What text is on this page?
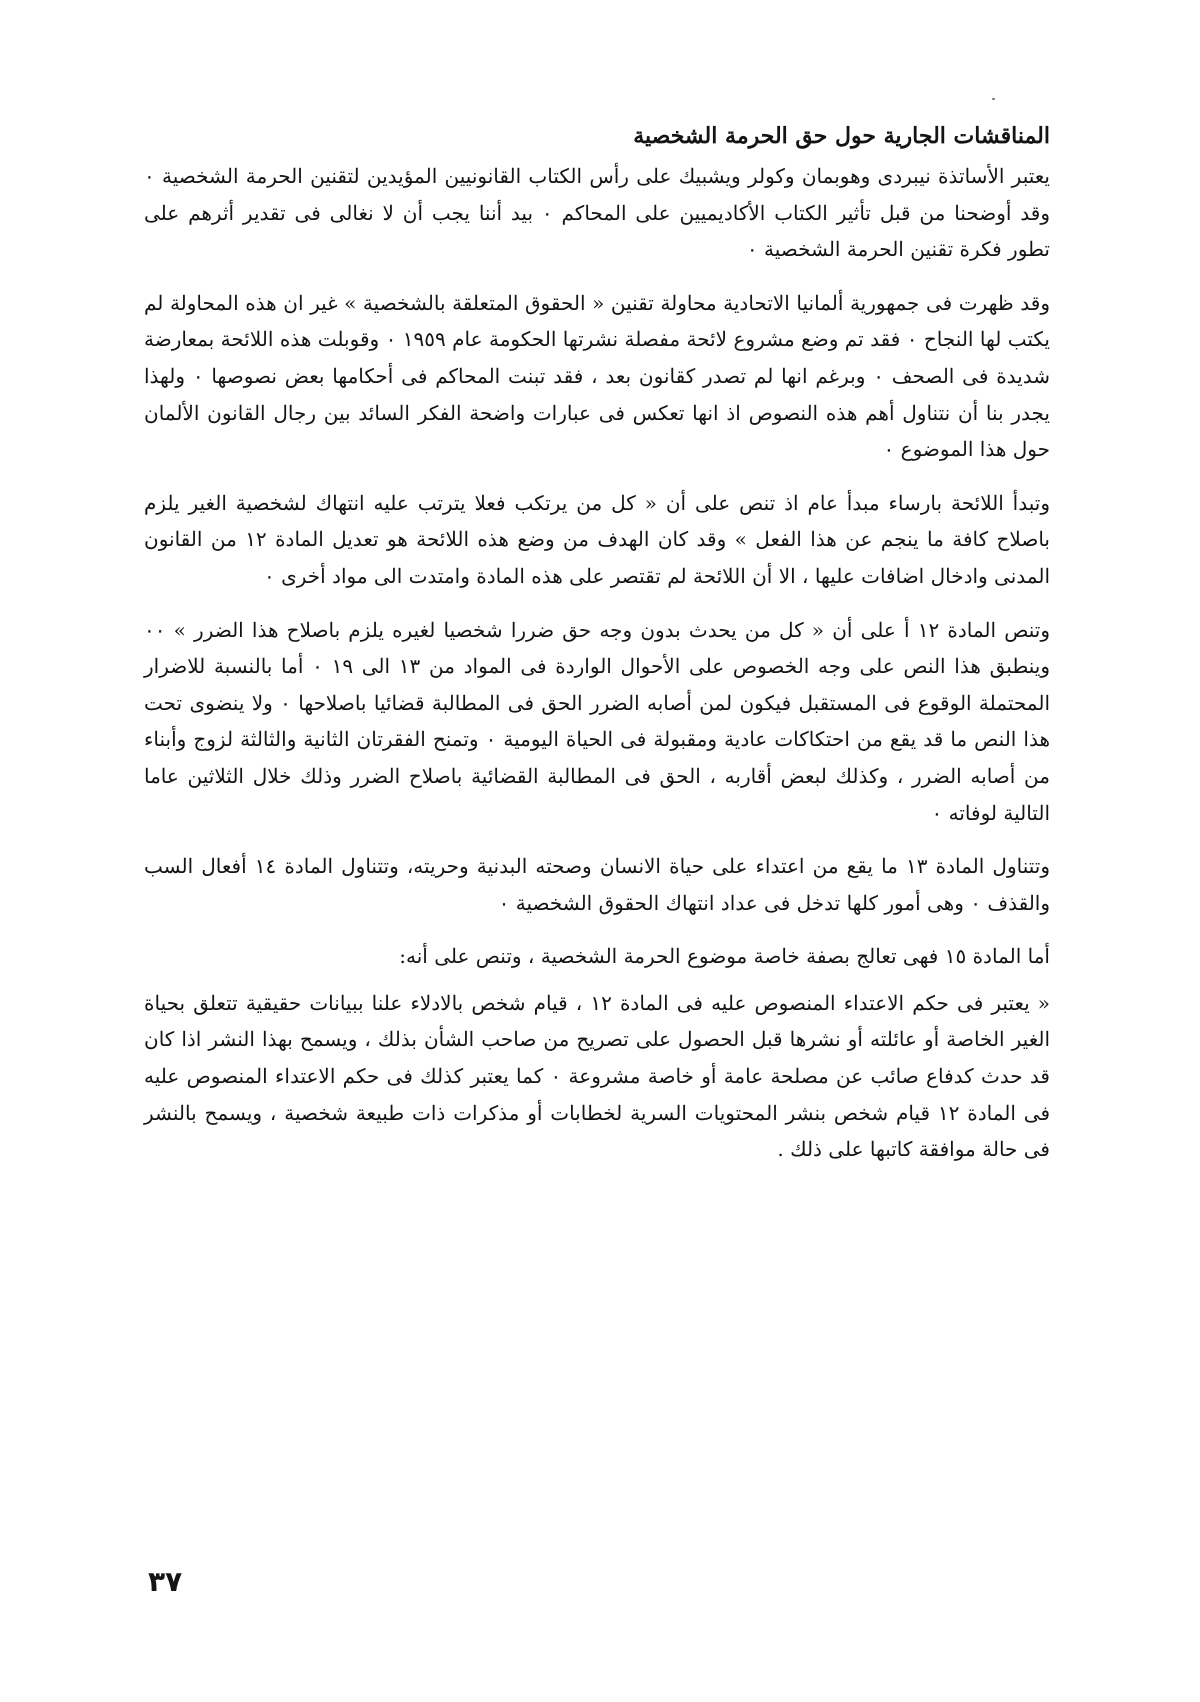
المناقشات الجارية حول حق الحرمة الشخصية

يعتبر الأساتذة نيبردى وهوبمان وكولر ويشبيك على رأس الكتاب القانونيين المؤيدين لتقنين الحرمة الشخصية ٠ وقد أوضحنا من قبل تأثير الكتاب الأكاديميين على المحاكم ٠ بيد أننا يجب أن لا نغالى فى تقدير أثرهم على تطور فكرة تقنين الحرمة الشخصية ٠

وقد ظهرت فى جمهورية ألمانيا الاتحادية محاولة تقنين « الحقوق المتعلقة بالشخصية » غير ان هذه المحاولة لم يكتب لها النجاح ٠ فقد تم وضع مشروع لائحة مفصلة نشرتها الحكومة عام ١٩٥٩ ٠ وقوبلت هذه اللائحة بمعارضة شديدة فى الصحف ٠ وبرغم انها لم تصدر كقانون بعد ، فقد تبنت المحاكم فى أحكامها بعض نصوصها ٠ ولهذا يجدر بنا أن نتناول أهم هذه النصوص اذ انها تعكس فى عبارات واضحة الفكر السائد بين رجال القانون الألمان حول هذا الموضوع ٠

وتبدأ اللائحة بارساء مبدأ عام اذ تنص على أن « كل من يرتكب فعلا يترتب عليه انتهاك لشخصية الغير يلزم باصلاح كافة ما ينجم عن هذا الفعل » وقد كان الهدف من وضع هذه اللائحة هو تعديل المادة ١٢ من القانون المدنى وادخال اضافات عليها ، الا أن اللائحة لم تقتصر على هذه المادة وامتدت الى مواد أخرى ٠

وتنص المادة ١٢ أ على أن « كل من يحدث بدون وجه حق ضررا شخصيا لغيره يلزم باصلاح هذا الضرر » ٠٠ وينطبق هذا النص على وجه الخصوص على الأحوال الواردة فى المواد من ١٣ الى ١٩ ٠ أما بالنسبة للاضرار المحتملة الوقوع فى المستقبل فيكون لمن أصابه الضرر الحق فى المطالبة قضائيا باصلاحها ٠ ولا ينضوى تحت هذا النص ما قد يقع من احتكاكات عادية ومقبولة فى الحياة اليومية ٠ وتمنح الفقرتان الثانية والثالثة لزوج وأبناء من أصابه الضرر ، وكذلك لبعض أقاربه ، الحق فى المطالبة القضائية باصلاح الضرر وذلك خلال الثلاثين عاما التالية لوفاته ٠

وتتناول المادة ١٣ ما يقع من اعتداء على حياة الانسان وصحته البدنية وحريته، وتتناول المادة ١٤ أفعال السب والقذف ٠ وهى أمور كلها تدخل فى عداد انتهاك الحقوق الشخصية ٠

أما المادة ١٥ فهى تعالج بصفة خاصة موضوع الحرمة الشخصية ، وتنص على أنه:

« يعتبر فى حكم الاعتداء المنصوص عليه فى المادة ١٢ ، قيام شخص بالادلاء علنا ببيانات حقيقية تتعلق بحياة الغير الخاصة أو عائلته أو نشرها قبل الحصول على تصريح من صاحب الشأن بذلك ، ويسمح بهذا النشر اذا كان قد حدث كدفاع صائب عن مصلحة عامة أو خاصة مشروعة ٠ كما يعتبر كذلك فى حكم الاعتداء المنصوص عليه فى المادة ١٢ قيام شخص بنشر المحتويات السرية لخطابات أو مذكرات ذات طبيعة شخصية ، ويسمح بالنشر فى حالة موافقة كاتبها على ذلك .

٣٧
